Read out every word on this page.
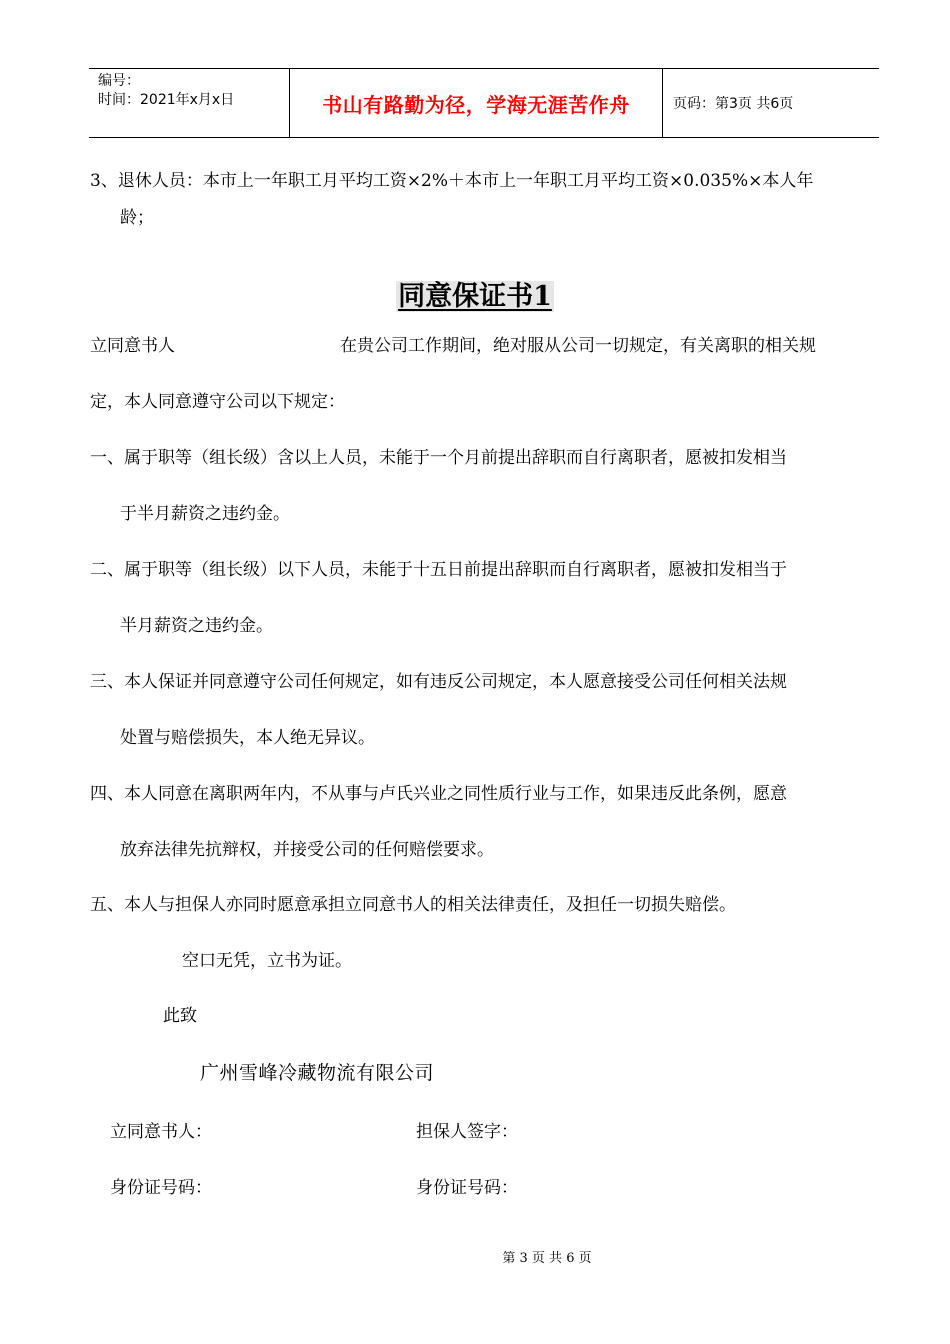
编号：
时间：2021年x月x日	书山有路勤为径，学海无涯苦作舟	页码：第3页 共6页
3、退休人员：本市上一年职工月平均工资×2%＋本市上一年职工月平均工资×0.035%×本人年
龄；
同意保证书1
立同意书人	在贵公司工作期间，绝对服从公司一切规定，有关离职的相关规
定，本人同意遵守公司以下规定：
一、属于职等（组长级）含以上人员，未能于一个月前提出辞职而自行离职者，愿被扣发相当
于半月薪资之违约金。
二、属于职等（组长级）以下人员，未能于十五日前提出辞职而自行离职者，愿被扣发相当于
半月薪资之违约金。
三、本人保证并同意遵守公司任何规定，如有违反公司规定，本人愿意接受公司任何相关法规
处置与赔偿损失，本人绝无异议。
四、本人同意在离职两年内，不从事与卢氏兴业之同性质行业与工作，如果违反此条例，愿意
放弃法律先抗辩权，并接受公司的任何赔偿要求。
五、本人与担保人亦同时愿意承担立同意书人的相关法律责任，及担任一切损失赔偿。
空口无凭，立书为证。
此致
广州雪峰冷藏物流有限公司
立同意书人：	担保人签字：
身份证号码：	身份证号码：
第 3 页 共 6 页
